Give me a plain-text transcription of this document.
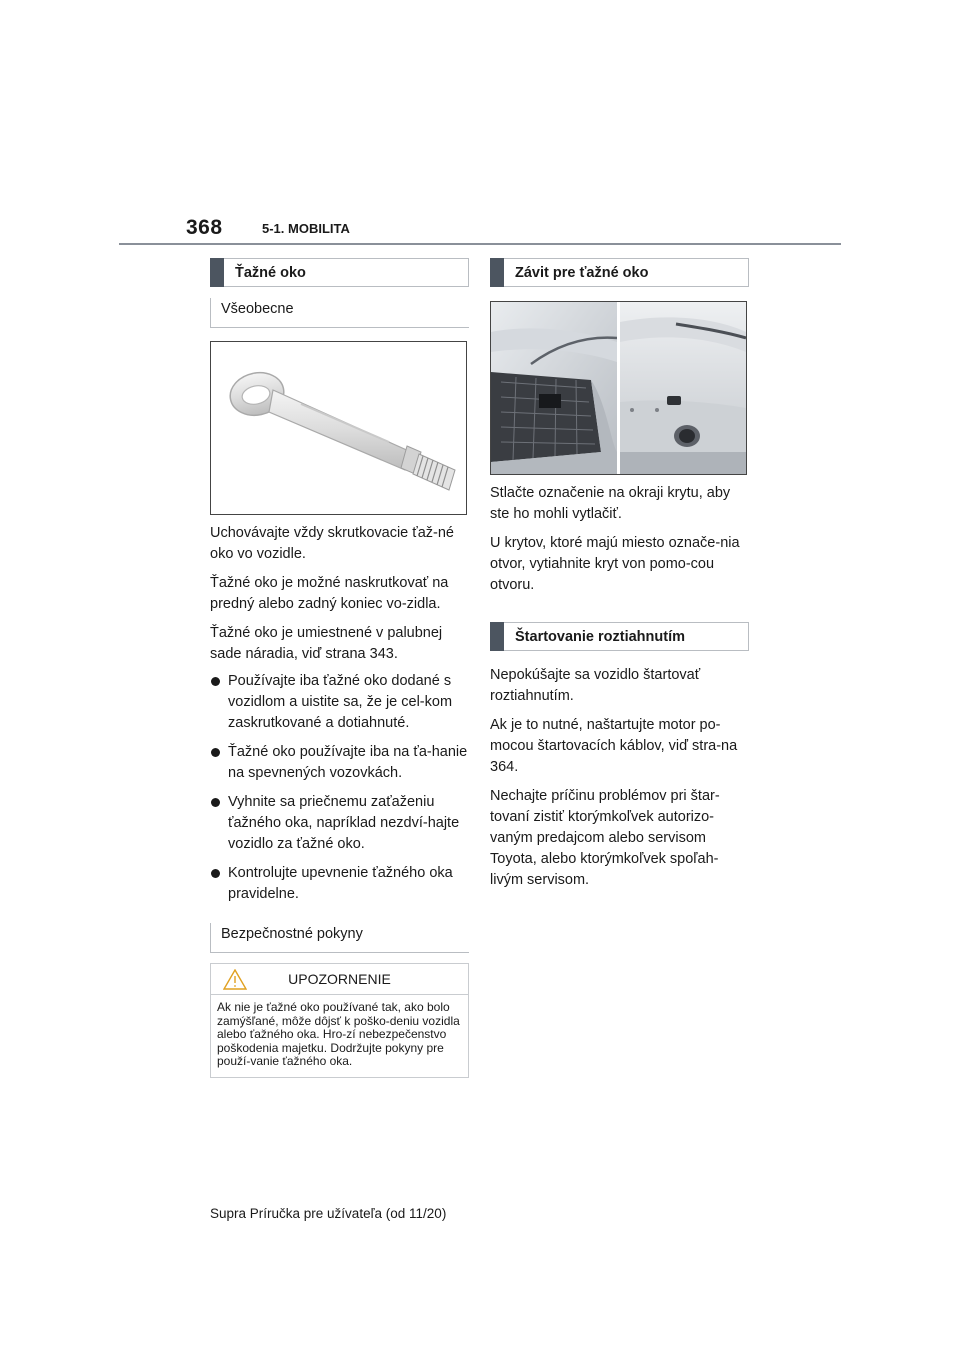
368	5-1. MOBILITA
Ťažné oko
Všeobecne

Uchovávajte vždy skrutkovacie ťaž-né oko vo vozidle.

Ťažné oko je možné naskrutkovať na predný alebo zadný koniec vo-zidla.

Ťažné oko je umiestnené v palubnej sade náradia, viď strana 343.

Používajte iba ťažné oko dodané s vozidlom a uistite sa, že je cel-kom zaskrutkované a dotiahnuté.
Ťažné oko používajte iba na ťa-hanie na spevnených vozovkách.
Vyhnite sa priečnemu zaťaženiu ťažného oka, napríklad nezdví-hajte vozidlo za ťažné oko.
Kontrolujte upevnenie ťažného oka pravidelne.
Bezpečnostné pokyny
UPOZORNENIE
Ak nie je ťažné oko používané tak, ako bolo zamýšľané, môže dôjsť k poško-deniu vozidla alebo ťažného oka. Hro-zí nebezpečenstvo poškodenia majetku. Dodržujte pokyny pre použí-vanie ťažného oka.
Závit pre ťažné oko

Stlačte označenie na okraji krytu, aby ste ho mohli vytlačiť.

U krytov, ktoré majú miesto označe-nia otvor, vytiahnite kryt von pomo-cou otvoru.

Štartovanie roztiahnutím

Nepokúšajte sa vozidlo štartovať roztiahnutím.

Ak je to nutné, naštartujte motor po-mocou štartovacích káblov, viď stra-na 364.

Nechajte príčinu problémov pri štar-tovaní zistiť ktorýmkoľvek autorizo-vaným predajcom alebo servisom Toyota, alebo ktorýmkoľvek spoľah-livým servisom.

Supra Príručka pre užívateľa (od 11/20)
